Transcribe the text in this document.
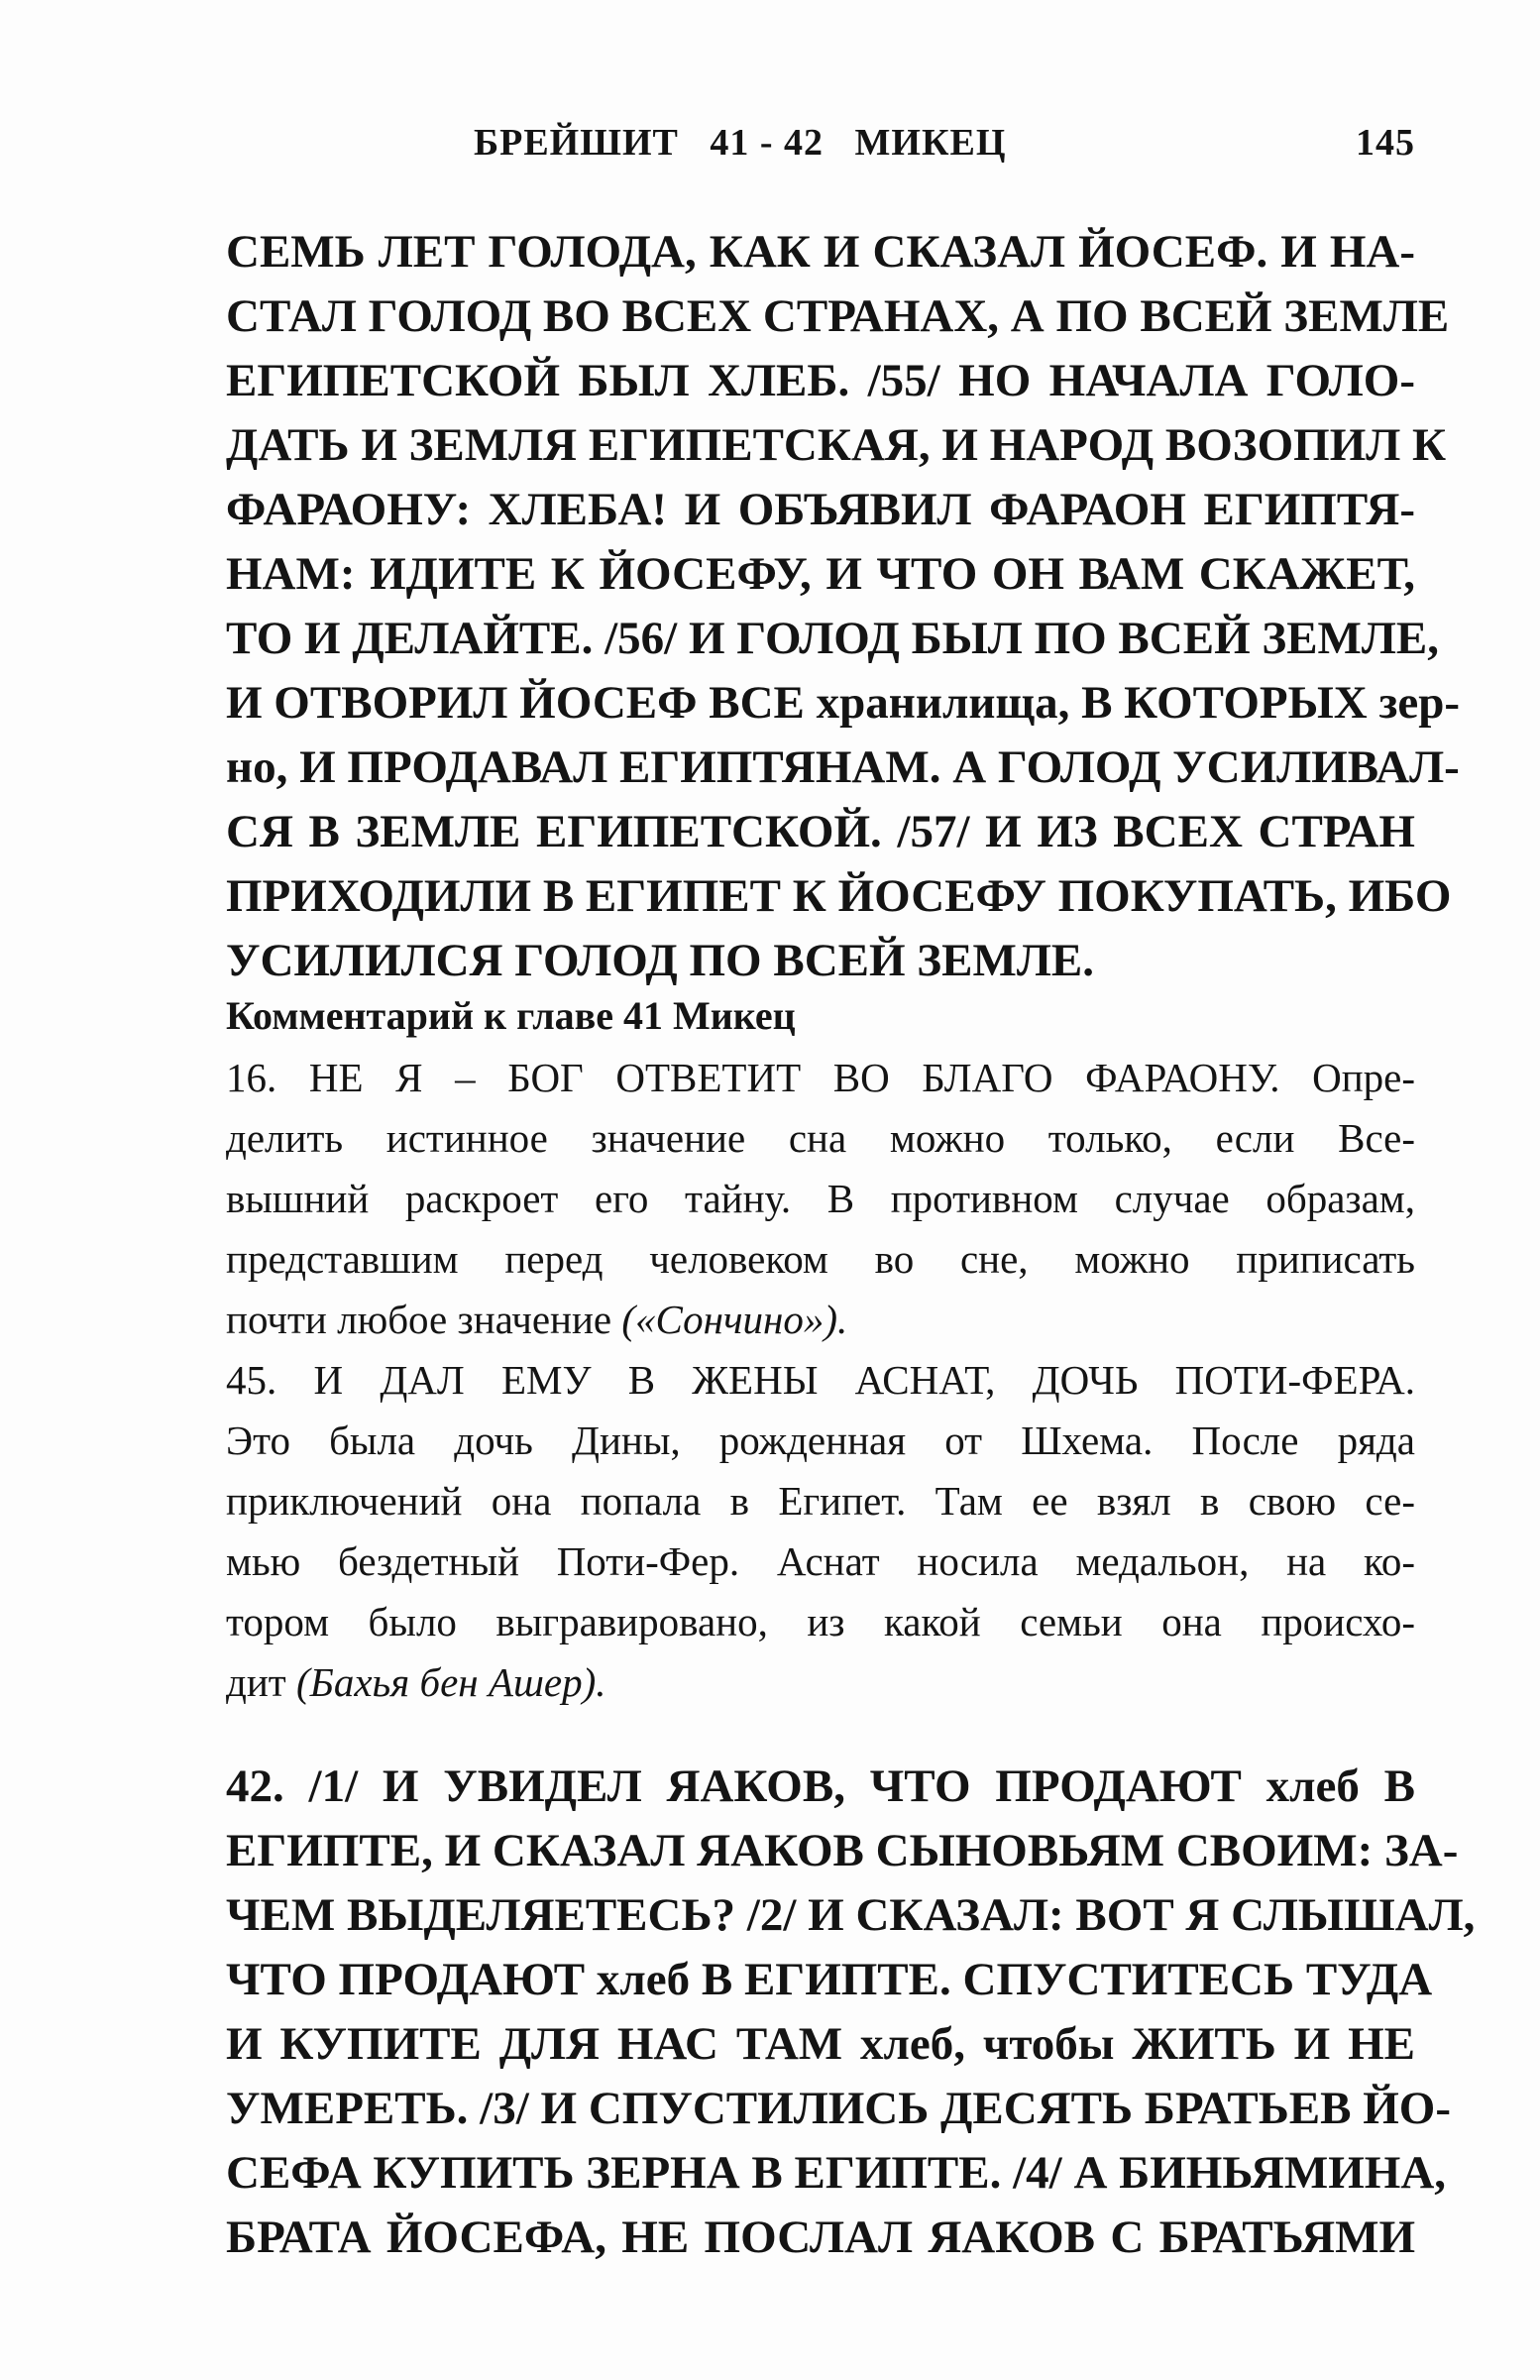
БРЕЙШИТ   41 - 42   МИКЕЦ	145
СЕМЬ ЛЕТ ГОЛОДА, КАК И СКАЗАЛ ЙОСЕФ. И НА-
СТАЛ ГОЛОД ВО ВСЕХ СТРАНАХ, А ПО ВСЕЙ ЗЕМЛЕ
ЕГИПЕТСКОЙ БЫЛ ХЛЕБ. /55/ НО НАЧАЛА ГОЛО-
ДАТЬ И ЗЕМЛЯ ЕГИПЕТСКАЯ, И НАРОД ВОЗОПИЛ К
ФАРАОНУ: ХЛЕБА! И ОБЪЯВИЛ ФАРАОН ЕГИПТЯ-
НАМ: ИДИТЕ К ЙОСЕФУ, И ЧТО ОН ВАМ СКАЖЕТ,
ТО И ДЕЛАЙТЕ. /56/ И ГОЛОД БЫЛ ПО ВСЕЙ ЗЕМЛЕ,
И ОТВОРИЛ ЙОСЕФ ВСЕ хранилища, В КОТОРЫХ зер-
но, И ПРОДАВАЛ ЕГИПТЯНАМ. А ГОЛОД УСИЛИВАЛ-
СЯ В ЗЕМЛЕ ЕГИПЕТСКОЙ. /57/ И ИЗ ВСЕХ СТРАН
ПРИХОДИЛИ В ЕГИПЕТ К ЙОСЕФУ ПОКУПАТЬ, ИБО
УСИЛИЛСЯ ГОЛОД ПО ВСЕЙ ЗЕМЛЕ.
Комментарий к главе 41 Микец
16. НЕ Я – БОГ ОТВЕТИТ ВО БЛАГО ФАРАОНУ. Опре-
делить истинное значение сна можно только, если Все-
вышний раскроет его тайну. В противном случае образам,
представшим перед человеком во сне, можно приписать
почти любое значение («Сончино»).
45. И ДАЛ ЕМУ В ЖЕНЫ АСНАТ, ДОЧЬ ПОТИ-ФЕРА.
Это была дочь Дины, рожденная от Шхема. После ряда
приключений она попала в Египет. Там ее взял в свою се-
мью бездетный Поти-Фер. Аснат носила медальон, на ко-
тором было выгравировано, из какой семьи она происхо-
дит (Бахья бен Ашер).
42. /1/ И УВИДЕЛ ЯАКОВ, ЧТО ПРОДАЮТ хлеб В
ЕГИПТЕ, И СКАЗАЛ ЯАКОВ СЫНОВЬЯМ СВОИМ: ЗА-
ЧЕМ ВЫДЕЛЯЕТЕСЬ? /2/ И СКАЗАЛ: ВОТ Я СЛЫШАЛ,
ЧТО ПРОДАЮТ хлеб В ЕГИПТЕ. СПУСТИТЕСЬ ТУДА
И КУПИТЕ ДЛЯ НАС ТАМ хлеб, чтобы ЖИТЬ И НЕ
УМЕРЕТЬ. /3/ И СПУСТИЛИСЬ ДЕСЯТЬ БРАТЬЕВ ЙО-
СЕФА КУПИТЬ ЗЕРНА В ЕГИПТЕ. /4/ А БИНЬЯМИНА,
БРАТА ЙОСЕФА, НЕ ПОСЛАЛ ЯАКОВ С БРАТЬЯМИ
